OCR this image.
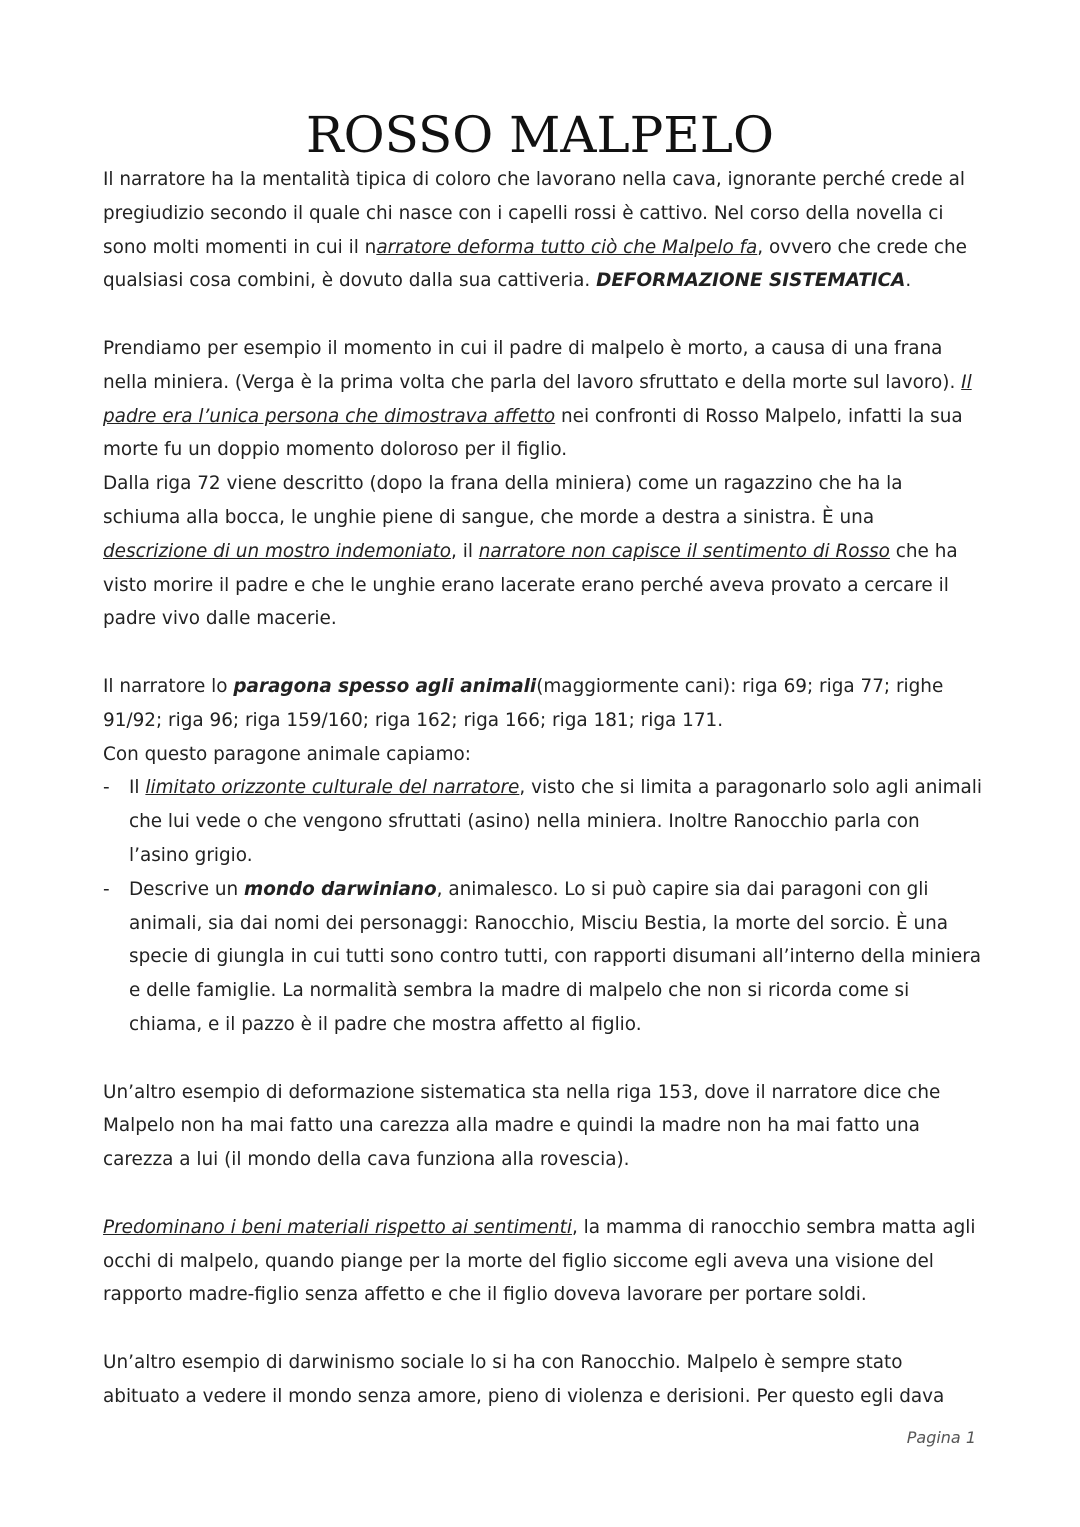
ROSSO MALPELO

Il narratore ha la mentalità tipica di coloro che lavorano nella cava, ignorante perché crede al pregiudizio secondo il quale chi nasce con i capelli rossi è cattivo. Nel corso della novella ci sono molti momenti in cui il narratore deforma tutto ciò che Malpelo fa, ovvero che crede che qualsiasi cosa combini, è dovuto dalla sua cattiveria. DEFORMAZIONE SISTEMATICA.

Prendiamo per esempio il momento in cui il padre di malpelo è morto, a causa di una frana nella miniera. (Verga è la prima volta che parla del lavoro sfruttato e della morte sul lavoro). Il padre era l’unica persona che dimostrava affetto nei confronti di Rosso Malpelo, infatti la sua morte fu un doppio momento doloroso per il figlio.

Dalla riga 72 viene descritto (dopo la frana della miniera) come un ragazzino che ha la schiuma alla bocca, le unghie piene di sangue, che morde a destra a sinistra. È una descrizione di un mostro indemoniato, il narratore non capisce il sentimento di Rosso che ha visto morire il padre e che le unghie erano lacerate erano perché aveva provato a cercare il padre vivo dalle macerie.

Il narratore lo paragona spesso agli animali(maggiormente cani): riga 69; riga 77; righe 91/92; riga 96; riga 159/160; riga 162; riga 166; riga 181; riga 171.

Con questo paragone animale capiamo:

- Il limitato orizzonte culturale del narratore, visto che si limita a paragonarlo solo agli animali che lui vede o che vengono sfruttati (asino) nella miniera. Inoltre Ranocchio parla con l’asino grigio.
- Descrive un mondo darwiniano, animalesco. Lo si può capire sia dai paragoni con gli animali, sia dai nomi dei personaggi: Ranocchio, Misciu Bestia, la morte del sorcio. È una specie di giungla in cui tutti sono contro tutti, con rapporti disumani all’interno della miniera e delle famiglie. La normalità sembra la madre di malpelo che non si ricorda come si chiama, e il pazzo è il padre che mostra affetto al figlio.

Un’altro esempio di deformazione sistematica sta nella riga 153, dove il narratore dice che Malpelo non ha mai fatto una carezza alla madre e quindi la madre non ha mai fatto una carezza a lui (il mondo della cava funziona alla rovescia).

Predominano i beni materiali rispetto ai sentimenti, la mamma di ranocchio sembra matta agli occhi di malpelo, quando piange per la morte del figlio siccome egli aveva una visione del rapporto madre-figlio senza affetto e che il figlio doveva lavorare per portare soldi.

Un’altro esempio di darwinismo sociale lo si ha con Ranocchio. Malpelo è sempre stato abituato a vedere il mondo senza amore, pieno di violenza e derisioni. Per questo egli dava

Pagina 1
